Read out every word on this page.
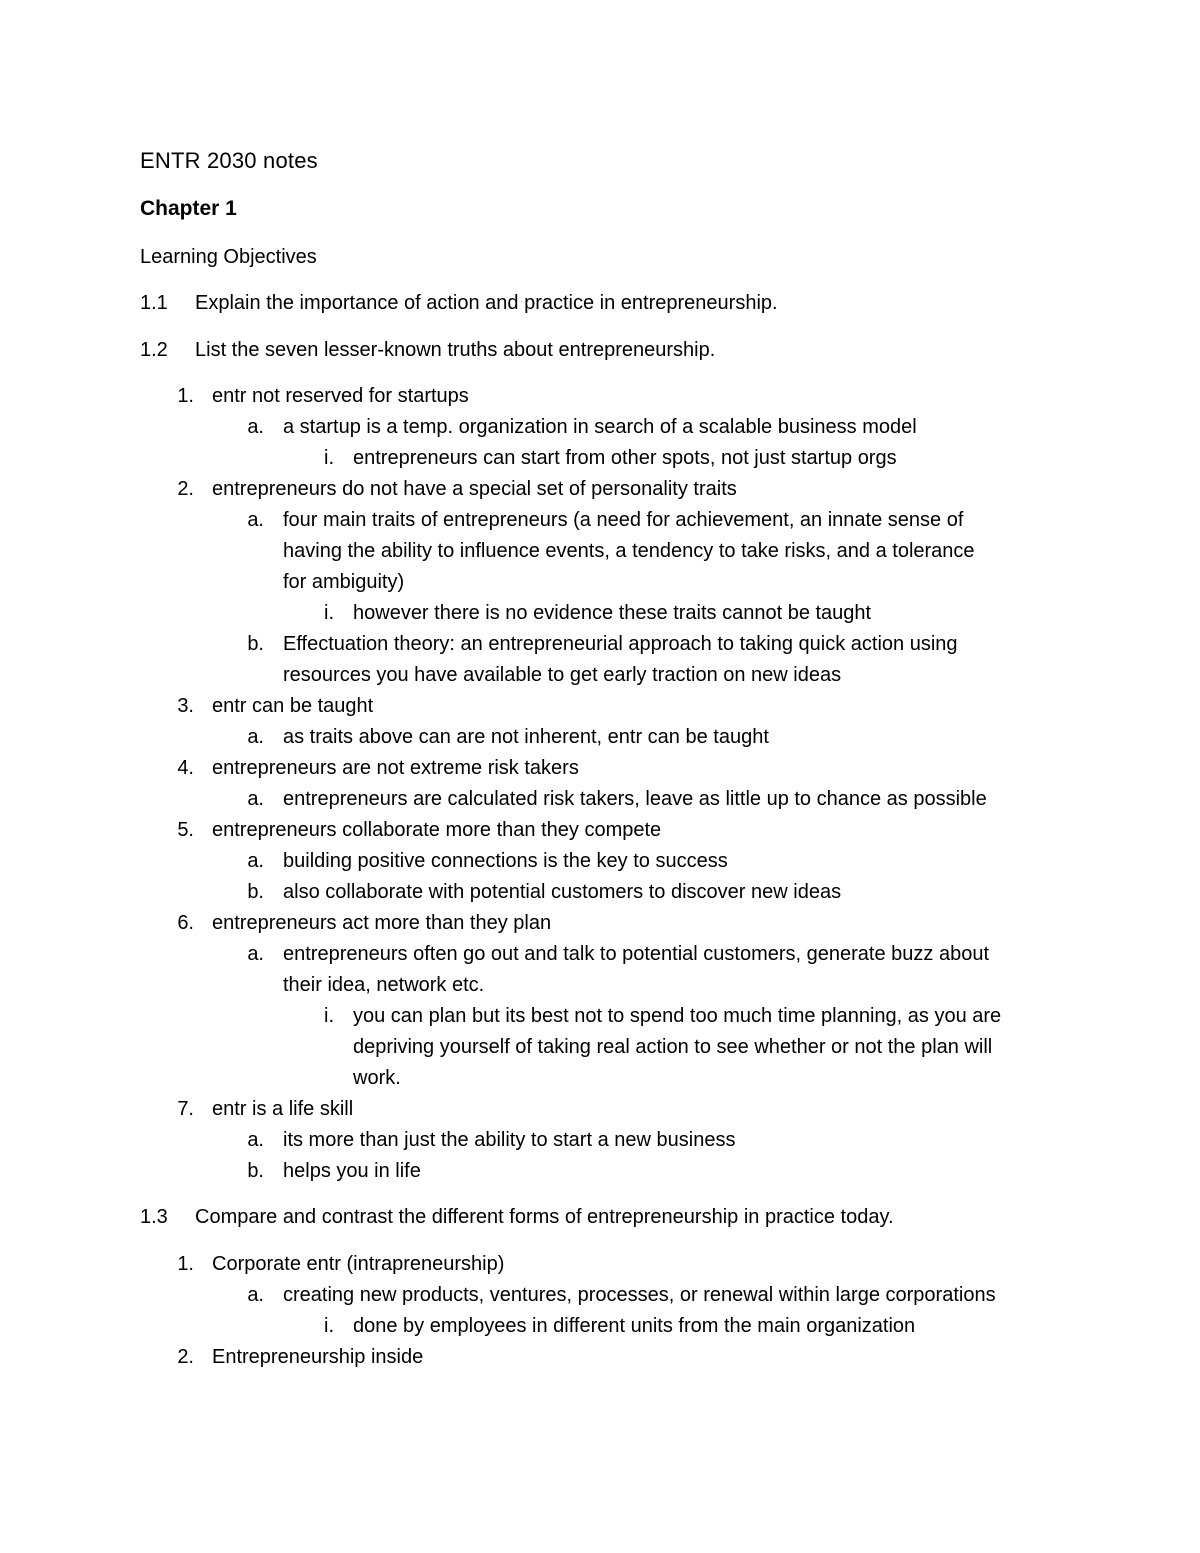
ENTR 2030 notes
Chapter 1
Learning Objectives
1.1 Explain the importance of action and practice in entrepreneurship.
1.2 List the seven lesser-known truths about entrepreneurship.
1. entr not reserved for startups
a. a startup is a temp. organization in search of a scalable business model
i. entrepreneurs can start from other spots, not just startup orgs
2. entrepreneurs do not have a special set of personality traits
a. four main traits of entrepreneurs (a need for achievement, an innate sense of
having the ability to influence events, a tendency to take risks, and a tolerance
for ambiguity)
i. however there is no evidence these traits cannot be taught
b. Effectuation theory: an entrepreneurial approach to taking quick action using
resources you have available to get early traction on new ideas
3. entr can be taught
a. as traits above can are not inherent, entr can be taught
4. entrepreneurs are not extreme risk takers
a. entrepreneurs are calculated risk takers, leave as little up to chance as possible
5. entrepreneurs collaborate more than they compete
a. building positive connections is the key to success
b. also collaborate with potential customers to discover new ideas
6. entrepreneurs act more than they plan
a. entrepreneurs often go out and talk to potential customers, generate buzz about
their idea, network etc.
i. you can plan but its best not to spend too much time planning, as you are
depriving yourself of taking real action to see whether or not the plan will
work.
7. entr is a life skill
a. its more than just the ability to start a new business
b. helps you in life
1.3 Compare and contrast the different forms of entrepreneurship in practice today.
1. Corporate entr (intrapreneurship)
a. creating new products, ventures, processes, or renewal within large corporations
i. done by employees in different units from the main organization
2. Entrepreneurship inside
